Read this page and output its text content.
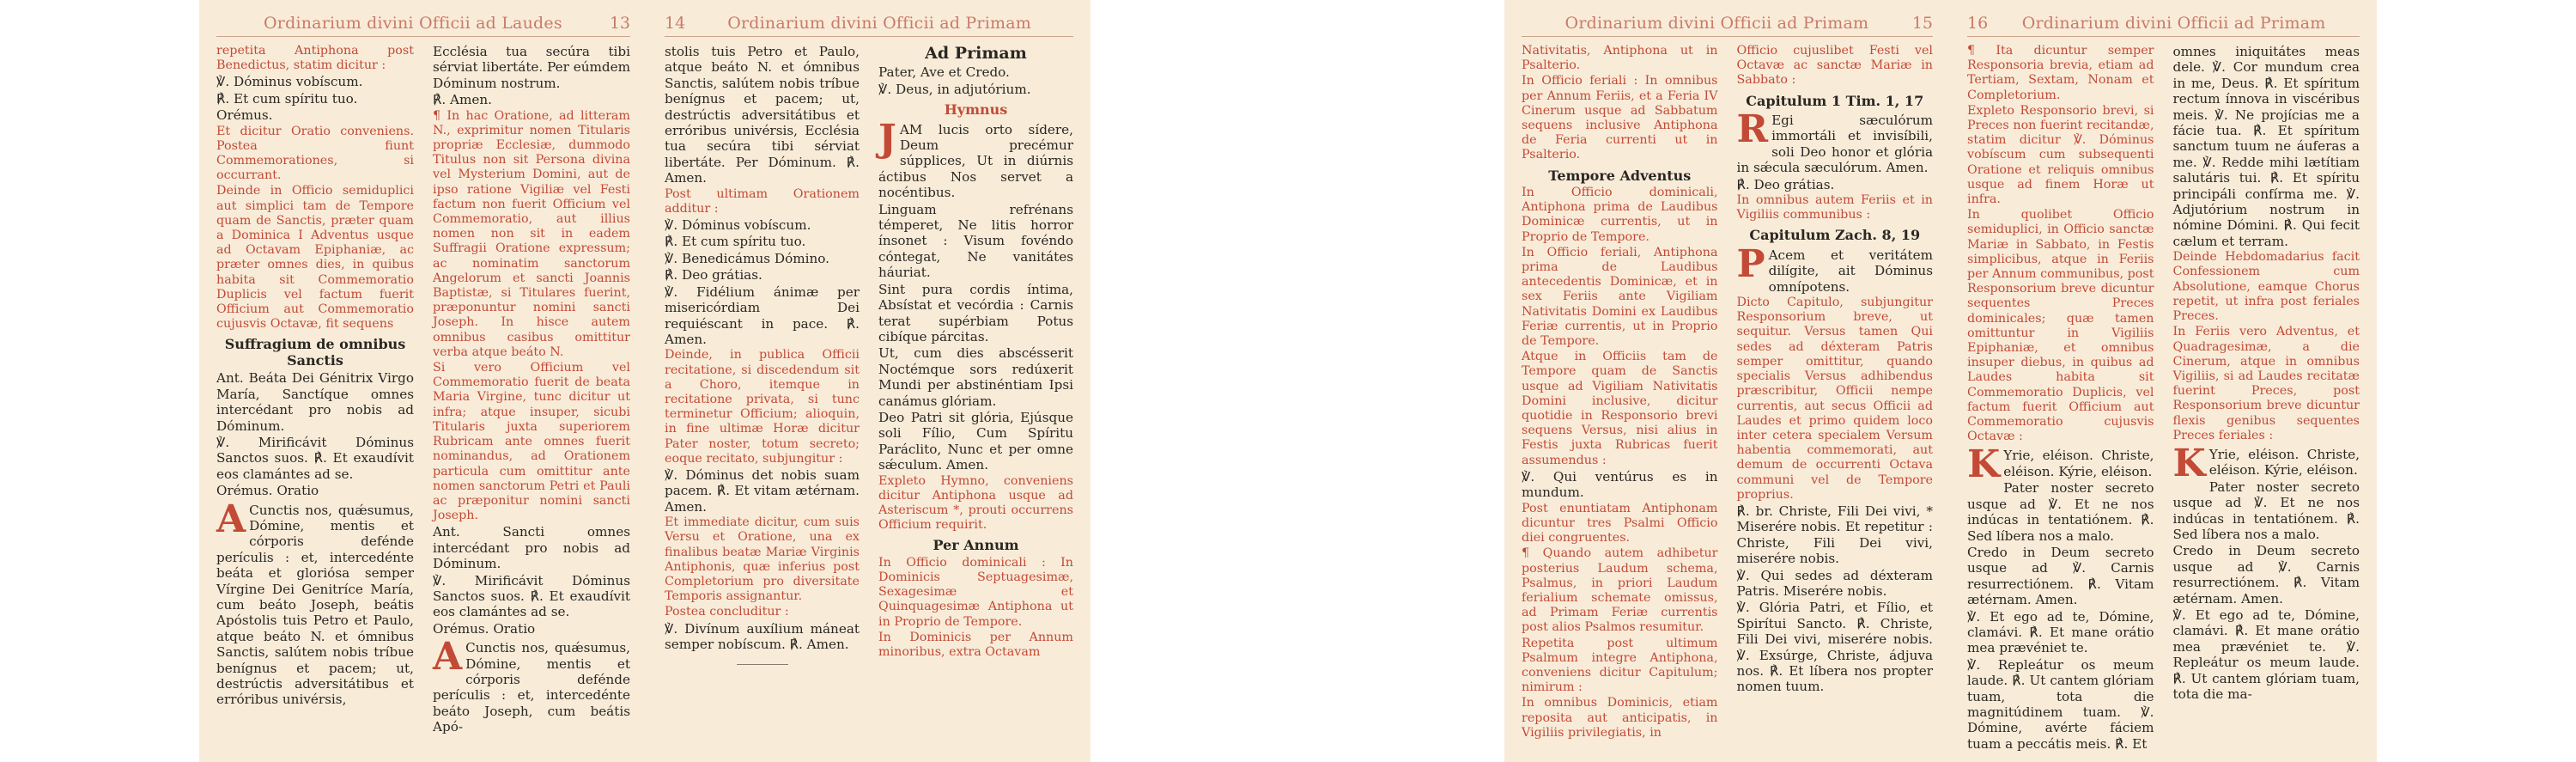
Ordinarium divini Officii ad Laudes	13

repetita Antiphona post Benedictus, statim dicitur :

℣. Dóminus vobíscum.

℟. Et cum spíritu tuo.

Orémus.

Et dicitur Oratio conveniens. Postea fiunt Commemorationes, si occurrant.

Deinde in Officio semiduplici aut simplici tam de Tempore quam de Sanctis, præter quam a Dominica I Adventus usque ad Octavam Epiphaniæ, ac præter omnes dies, in quibus habita sit Commemoratio Duplicis vel factum fuerit Officium aut Commemoratio cujusvis Octavæ, fit sequens

Suffragium de omnibus Sanctis

Ant. Beáta Dei Génitrix Virgo María, Sanctíque omnes intercédant pro nobis ad Dóminum.

℣. Mirificávit Dóminus Sanctos suos. ℟. Et exaudívit eos clamántes ad se.

Orémus. Oratio

ACunctis nos, quǽsumus, Dómine, mentis et córporis defénde perículis : et, intercedénte beáta et gloriósa semper Vírgine Dei Genitríce María, cum beáto Joseph, beátis Apóstolis tuis Petro et Paulo, atque beáto N. et ómnibus Sanctis, salútem nobis tríbue benígnus et pacem; ut, destrúctis adversitátibus et erróribus univérsis,

Ecclésia tua secúra tibi sérviat libertáte. Per eúmdem Dóminum nostrum.

℟. Amen.

¶ In hac Oratione, ad litteram N., exprimitur nomen Titularis propriæ Ecclesiæ, dummodo Titulus non sit Persona divina vel Mysterium Domini, aut de ipso ratione Vigiliæ vel Festi factum non fuerit Officium vel Commemoratio, aut illius nomen non sit in eadem Suffragii Oratione expressum; ac nominatim sanctorum Angelorum et sancti Joannis Baptistæ, si Titulares fuerint, præponuntur nomini sancti Joseph. In hisce autem omnibus casibus omittitur verba atque beáto N.

Si vero Officium vel Commemoratio fuerit de beata Maria Virgine, tunc dicitur ut infra; atque insuper, sicubi Titularis juxta superiorem Rubricam ante omnes fuerit nominandus, ad Orationem particula cum omittitur ante nomen sanctorum Petri et Pauli ac præponitur nomini sancti Joseph.

Ant. Sancti omnes intercédant pro nobis ad Dóminum.

℣. Mirificávit Dóminus Sanctos suos. ℟. Et exaudívit eos clamántes ad se.

Orémus. Oratio

ACunctis nos, quǽsumus, Dómine, mentis et córporis defénde perículis : et, intercedénte beáto Joseph, cum beátis Apó-

14	Ordinarium divini Officii ad Primam

stolis tuis Petro et Paulo, atque beáto N. et ómnibus Sanctis, salútem nobis tríbue benígnus et pacem; ut, destrúctis adversitátibus et erróribus univérsis, Ecclésia tua secúra tibi sérviat libertáte. Per Dóminum. ℟. Amen.

Post ultimam Orationem additur :

℣. Dóminus vobíscum.

℟. Et cum spíritu tuo.

℣. Benedicámus Dómino.

℟. Deo grátias.

℣. Fidélium ánimæ per misericórdiam Dei requiéscant in pace. ℟. Amen.

Deinde, in publica Officii recitatione, si discedendum sit a Choro, itemque in recitatione privata, si tunc terminetur Officium; alioquin, in fine ultimæ Horæ dicitur Pater noster, totum secreto; eoque recitato, subjungitur :

℣. Dóminus det nobis suam pacem. ℟. Et vitam ætérnam. Amen.

Et immediate dicitur, cum suis Versu et Oratione, una ex finalibus beatæ Mariæ Virginis Antiphonis, quæ inferius post Completorium pro diversitate Temporis assignantur.

Postea concluditur :

℣. Divínum auxílium máneat semper nobíscum. ℟. Amen.

Ad Primam

Pater, Ave et Credo.

℣. Deus, in adjutórium.

Hymnus

JAM lucis orto sídere, Deum precémur súpplices, Ut in diúrnis áctibus Nos servet a nocéntibus.

Linguam refrénans témperet, Ne litis horror ínsonet : Visum fovéndo cóntegat, Ne vanitátes háuriat.

Sint pura cordis íntima, Absístat et vecórdia : Carnis terat supérbiam Potus cibíque párcitas.

Ut, cum dies abscésserit Noctémque sors redúxerit Mundi per abstinéntiam Ipsi canámus glóriam.

Deo Patri sit glória, Ejúsque soli Fílio, Cum Spíritu Paráclito, Nunc et per omne sǽculum. Amen.

Expleto Hymno, conveniens dicitur Antiphona usque ad Asteriscum *, prouti occurrens Officium requirit.

Per Annum

In Officio dominicali : In Dominicis Septuagesimæ, Sexagesimæ et Quinquagesimæ Antiphona ut in Proprio de Tempore.

In Dominicis per Annum minoribus, extra Octavam

Ordinarium divini Officii ad Primam	15

Nativitatis, Antiphona ut in Psalterio.

In Officio feriali : In omnibus per Annum Feriis, et a Feria IV Cinerum usque ad Sabbatum sequens inclusive Antiphona de Feria currenti ut in Psalterio.

Tempore Adventus

In Officio dominicali, Antiphona prima de Laudibus Dominicæ currentis, ut in Proprio de Tempore.

In Officio feriali, Antiphona prima de Laudibus antecedentis Dominicæ, et in sex Feriis ante Vigiliam Nativitatis Domini ex Laudibus Feriæ currentis, ut in Proprio de Tempore.

Atque in Officiis tam de Tempore quam de Sanctis usque ad Vigiliam Nativitatis Domini inclusive, dicitur quotidie in Responsorio brevi sequens Versus, nisi alius in Festis juxta Rubricas fuerit assumendus :

℣. Qui ventúrus es in mundum.

Post enuntiatam Antiphonam dicuntur tres Psalmi Officio diei congruentes.

¶ Quando autem adhibetur posterius Laudum schema, Psalmus, in priori Laudum ferialium schemate omissus, ad Primam Feriæ currentis post alios Psalmos resumitur.

Repetita post ultimum Psalmum integre Antiphona, conveniens dicitur Capitulum; nimirum :

In omnibus Dominicis, etiam reposita aut anticipatis, in Vigiliis privilegiatis, in

Officio cujuslibet Festi vel Octavæ ac sanctæ Mariæ in Sabbato :

Capitulum 1 Tim. 1, 17

REgi sæculórum immortáli et invisíbili, soli Deo honor et glória in sǽcula sæculórum. Amen.

℟. Deo grátias.

In omnibus autem Feriis et in Vigiliis communibus :

Capitulum Zach. 8, 19

PAcem et veritátem dilígite, ait Dóminus omnípotens.

Dicto Capitulo, subjungitur Responsorium breve, ut sequitur. Versus tamen Qui sedes ad déxteram Patris semper omittitur, quando specialis Versus adhibendus præscribitur, Officii nempe currentis, aut secus Officii ad Laudes et primo quidem loco inter cetera specialem Versum habentia commemorati, aut demum de occurrenti Octava communi vel de Tempore proprius.

℟. br. Christe, Fili Dei vivi, * Miserére nobis. Et repetitur : Christe, Fili Dei vivi, miserére nobis.

℣. Qui sedes ad déxteram Patris. Miserére nobis.

℣. Glória Patri, et Fílio, et Spirítui Sancto. ℟. Christe, Fili Dei vivi, miserére nobis. ℣. Exsúrge, Christe, ádjuva nos. ℟. Et líbera nos propter nomen tuum.

16	Ordinarium divini Officii ad Primam

¶ Ita dicuntur semper Responsoria brevia, etiam ad Tertiam, Sextam, Nonam et Completorium.

Expleto Responsorio brevi, si Preces non fuerint recitandæ, statim dicitur ℣. Dóminus vobíscum cum subsequenti Oratione et reliquis omnibus usque ad finem Horæ ut infra.

In quolibet Officio semiduplici, in Officio sanctæ Mariæ in Sabbato, in Festis simplicibus, atque in Feriis per Annum communibus, post Responsorium breve dicuntur sequentes Preces dominicales; quæ tamen omittuntur in Vigiliis Epiphaniæ, et omnibus insuper diebus, in quibus ad Laudes habita sit Commemoratio Duplicis, vel factum fuerit Officium aut Commemoratio cujusvis Octavæ :

KYrie, eléison. Christe, eléison. Kýrie, eléison.

Pater noster secreto usque ad ℣. Et ne nos indúcas in tentatiónem. ℟. Sed líbera nos a malo.

Credo in Deum secreto usque ad ℣. Carnis resurrectiónem. ℟. Vitam ætérnam. Amen.

℣. Et ego ad te, Dómine, clamávi. ℟. Et mane orátio mea prævéniet te.

℣. Repleátur os meum laude. ℟. Ut cantem glóriam tuam, tota die magnitúdinem tuam. ℣. Dómine, avérte fáciem tuam a peccátis meis. ℟. Et

omnes iniquitátes meas dele. ℣. Cor mundum crea in me, Deus. ℟. Et spíritum rectum ínnova in viscéribus meis. ℣. Ne projícias me a fácie tua. ℟. Et spíritum sanctum tuum ne áuferas a me. ℣. Redde mihi lætítiam salutáris tui. ℟. Et spíritu principáli confírma me. ℣. Adjutórium nostrum in nómine Dómini. ℟. Qui fecit cælum et terram.

Deinde Hebdomadarius facit Confessionem cum Absolutione, eamque Chorus repetit, ut infra post feriales Preces.

In Feriis vero Adventus, et Quadragesimæ, a die Cinerum, atque in omnibus Vigiliis, si ad Laudes recitatæ fuerint Preces, post Responsorium breve dicuntur flexis genibus sequentes Preces feriales :

KYrie, eléison. Christe, eléison. Kýrie, eléison.

Pater noster secreto usque ad ℣. Et ne nos indúcas in tentatiónem. ℟. Sed líbera nos a malo.

Credo in Deum secreto usque ad ℣. Carnis resurrectiónem. ℟. Vitam ætérnam. Amen.

℣. Et ego ad te, Dómine, clamávi. ℟. Et mane orátio mea prævéniet te. ℣. Repleátur os meum laude. ℟. Ut cantem glóriam tuam, tota die ma-
